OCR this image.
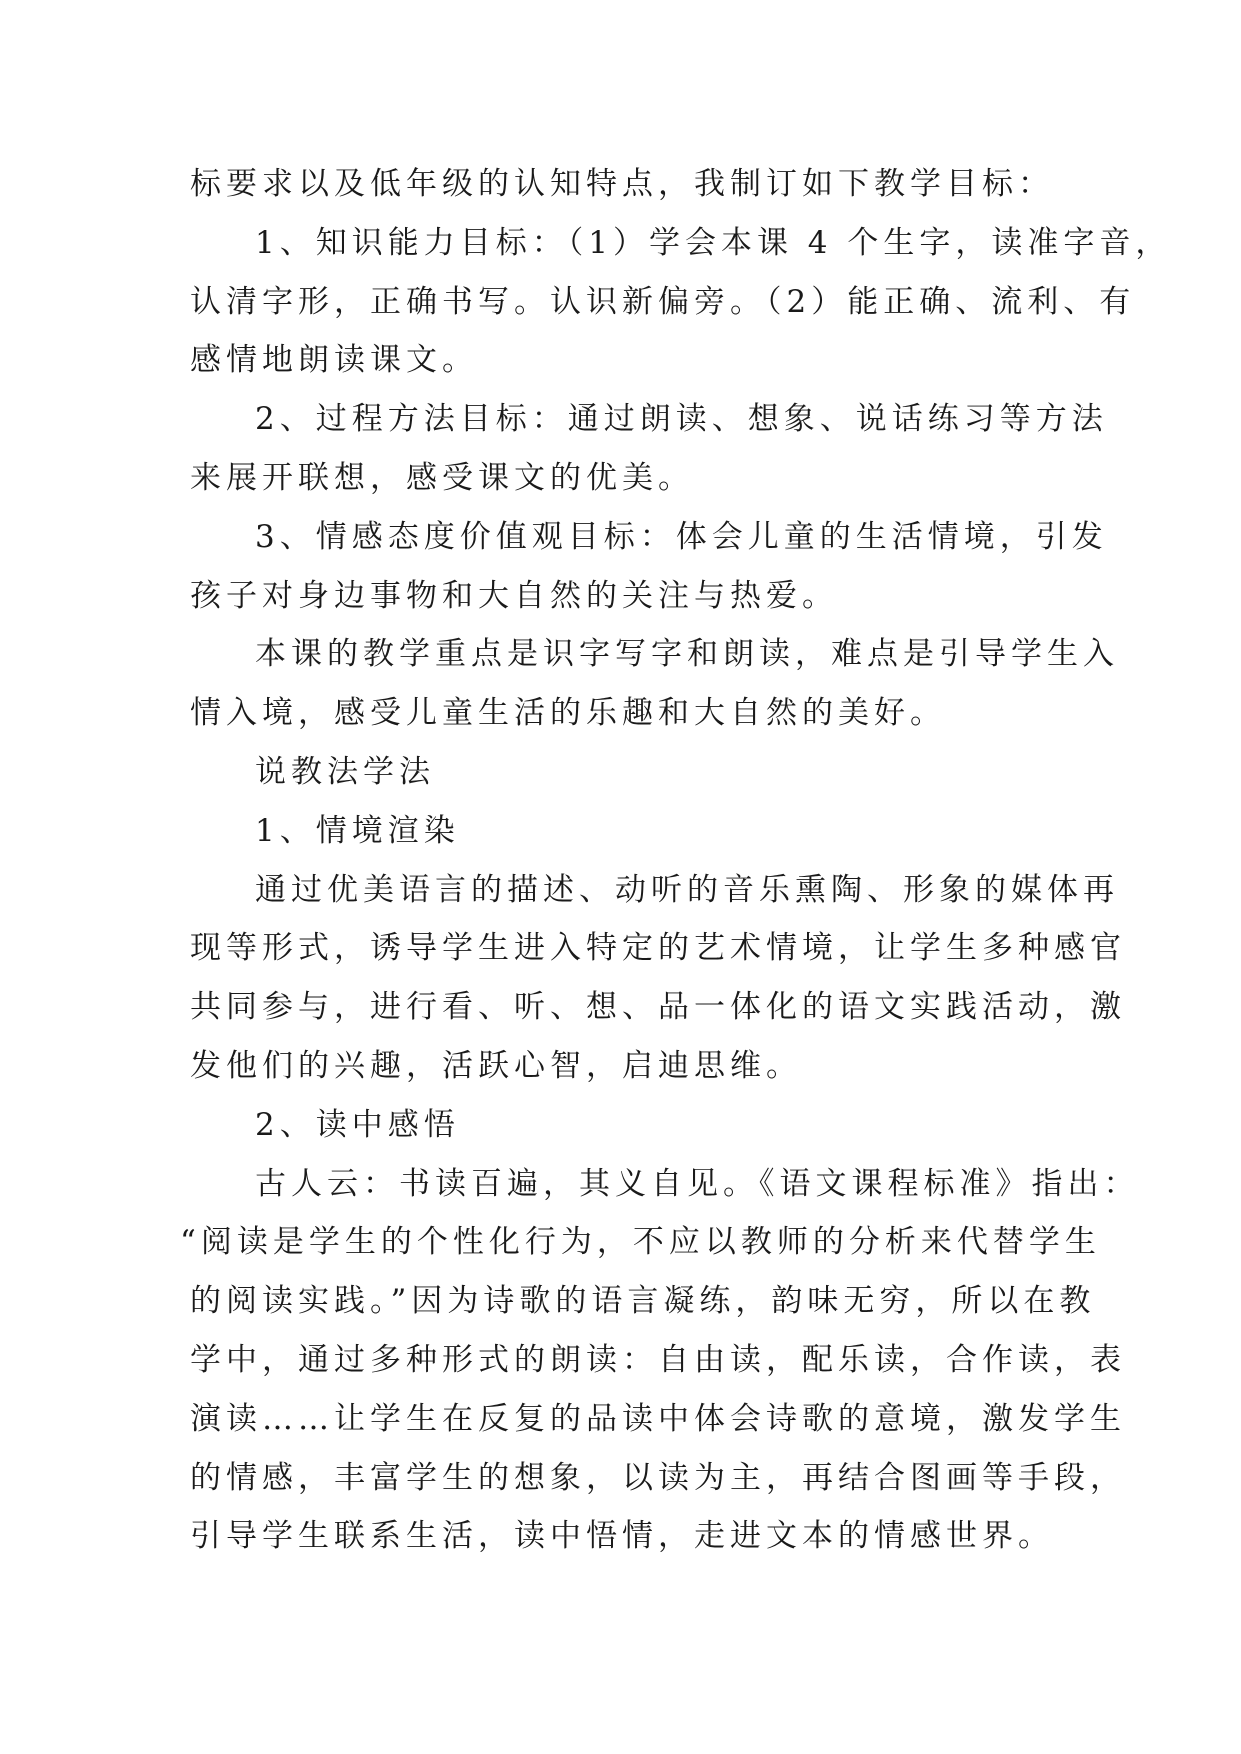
标要求以及低年级的认知特点，我制订如下教学目标：
1、知识能力目标：（1）学会本课 4 个生字，读准字音，
认清字形，正确书写。认识新偏旁。（2）能正确、流利、有
感情地朗读课文。
2、过程方法目标：通过朗读、想象、说话练习等方法
来展开联想，感受课文的优美。
3、情感态度价值观目标：体会儿童的生活情境，引发
孩子对身边事物和大自然的关注与热爱。
本课的教学重点是识字写字和朗读，难点是引导学生入
情入境，感受儿童生活的乐趣和大自然的美好。
说教法学法
1、情境渲染
通过优美语言的描述、动听的音乐熏陶、形象的媒体再
现等形式，诱导学生进入特定的艺术情境，让学生多种感官
共同参与，进行看、听、想、品一体化的语文实践活动，激
发他们的兴趣，活跃心智，启迪思维。
2、读中感悟
古人云：书读百遍，其义自见。《语文课程标准》指出：
“阅读是学生的个性化行为，不应以教师的分析来代替学生
的阅读实践。”因为诗歌的语言凝练，韵味无穷，所以在教
学中，通过多种形式的朗读：自由读，配乐读，合作读，表
演读……让学生在反复的品读中体会诗歌的意境，激发学生
的情感，丰富学生的想象，以读为主，再结合图画等手段，
引导学生联系生活，读中悟情，走进文本的情感世界。
